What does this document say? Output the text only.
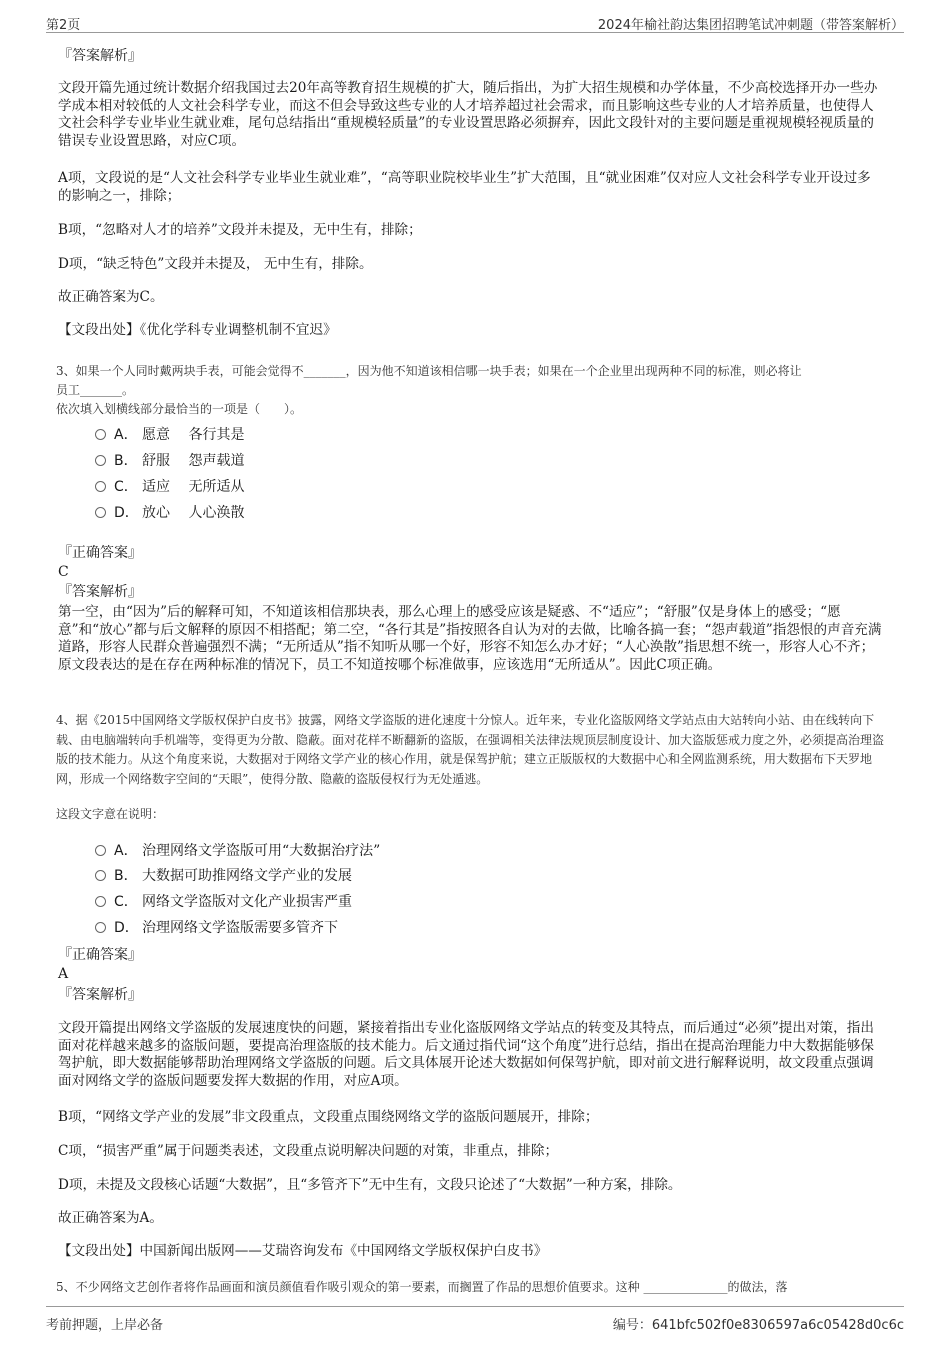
第2页	2024年榆社韵达集团招聘笔试冲刺题（带答案解析）

『答案解析』

文段开篇先通过统计数据介绍我国过去20年高等教育招生规模的扩大，随后指出，为扩大招生规模和办学体量，不少高校选择开办一些办学成本相对较低的人文社会科学专业，而这不但会导致这些专业的人才培养超过社会需求，而且影响这些专业的人才培养质量，也使得人文社会科学专业毕业生就业难，尾句总结指出“重规模轻质量”的专业设置思路必须摒弃，因此文段针对的主要问题是重视规模轻视质量的错误专业设置思路，对应C项。

A项，文段说的是“人文社会科学专业毕业生就业难”，“高等职业院校毕业生”扩大范围，且“就业困难”仅对应人文社会科学专业开设过多的影响之一，排除；

B项，“忽略对人才的培养”文段并未提及，无中生有，排除；

D项，“缺乏特色”文段并未提及， 无中生有，排除。

故正确答案为C。

【文段出处】《优化学科专业调整机制不宜迟》

3、如果一个人同时戴两块手表，可能会觉得不_______，因为他不知道该相信哪一块手表；如果在一个企业里出现两种不同的标准，则必将让

员工_______。

依次填入划横线部分最恰当的一项是（　　）。

A． 愿意　 各行其是
B． 舒服　 怨声载道
C． 适应　 无所适从
D． 放心　 人心涣散

『正确答案』

C

『答案解析』

第一空，由“因为”后的解释可知，不知道该相信那块表，那么心理上的感受应该是疑惑、不“适应”；“舒服”仅是身体上的感受；“愿意”和“放心”都与后文解释的原因不相搭配；第二空，“各行其是”指按照各自认为对的去做，比喻各搞一套；“怨声载道”指怨恨的声音充满道路，形容人民群众普遍强烈不满；“无所适从”指不知听从哪一个好，形容不知怎么办才好；“人心涣散”指思想不统一，形容人心不齐；原文段表达的是在存在两种标准的情况下，员工不知道按哪个标准做事，应该选用“无所适从”。因此C项正确。

4、据《2015中国网络文学版权保护白皮书》披露，网络文学盗版的进化速度十分惊人。近年来，专业化盗版网络文学站点由大站转向小站、由在线转向下载、由电脑端转向手机端等，变得更为分散、隐蔽。面对花样不断翻新的盗版，在强调相关法律法规顶层制度设计、加大盗版惩戒力度之外，必须提高治理盗版的技术能力。从这个角度来说，大数据对于网络文学产业的核心作用，就是保驾护航；建立正版版权的大数据中心和全网监测系统，用大数据布下天罗地网，形成一个网络数字空间的“天眼”，使得分散、隐蔽的盗版侵权行为无处遁逃。

这段文字意在说明：

A． 治理网络文学盗版可用“大数据治疗法”
B． 大数据可助推网络文学产业的发展
C． 网络文学盗版对文化产业损害严重
D． 治理网络文学盗版需要多管齐下

『正确答案』

A

『答案解析』

文段开篇提出网络文学盗版的发展速度快的问题，紧接着指出专业化盗版网络文学站点的转变及其特点，而后通过“必须”提出对策，指出面对花样越来越多的盗版问题，要提高治理盗版的技术能力。后文通过指代词“这个角度”进行总结，指出在提高治理能力中大数据能够保驾护航，即大数据能够帮助治理网络文学盗版的问题。后文具体展开论述大数据如何保驾护航，即对前文进行解释说明，故文段重点强调面对网络文学的盗版问题要发挥大数据的作用，对应A项。

B项，“网络文学产业的发展”非文段重点，文段重点围绕网络文学的盗版问题展开，排除；

C项，“损害严重”属于问题类表述，文段重点说明解决问题的对策，非重点，排除；

D项，未提及文段核心话题“大数据”，且“多管齐下”无中生有，文段只论述了“大数据”一种方案，排除。

故正确答案为A。

【文段出处】中国新闻出版网——艾瑞咨询发布《中国网络文学版权保护白皮书》

5、不少网络文艺创作者将作品画面和演员颜值看作吸引观众的第一要素，而搁置了作品的思想价值要求。这种 ______________的做法，落

考前押题，上岸必备	编号：641bfc502f0e8306597a6c05428d0c6c
